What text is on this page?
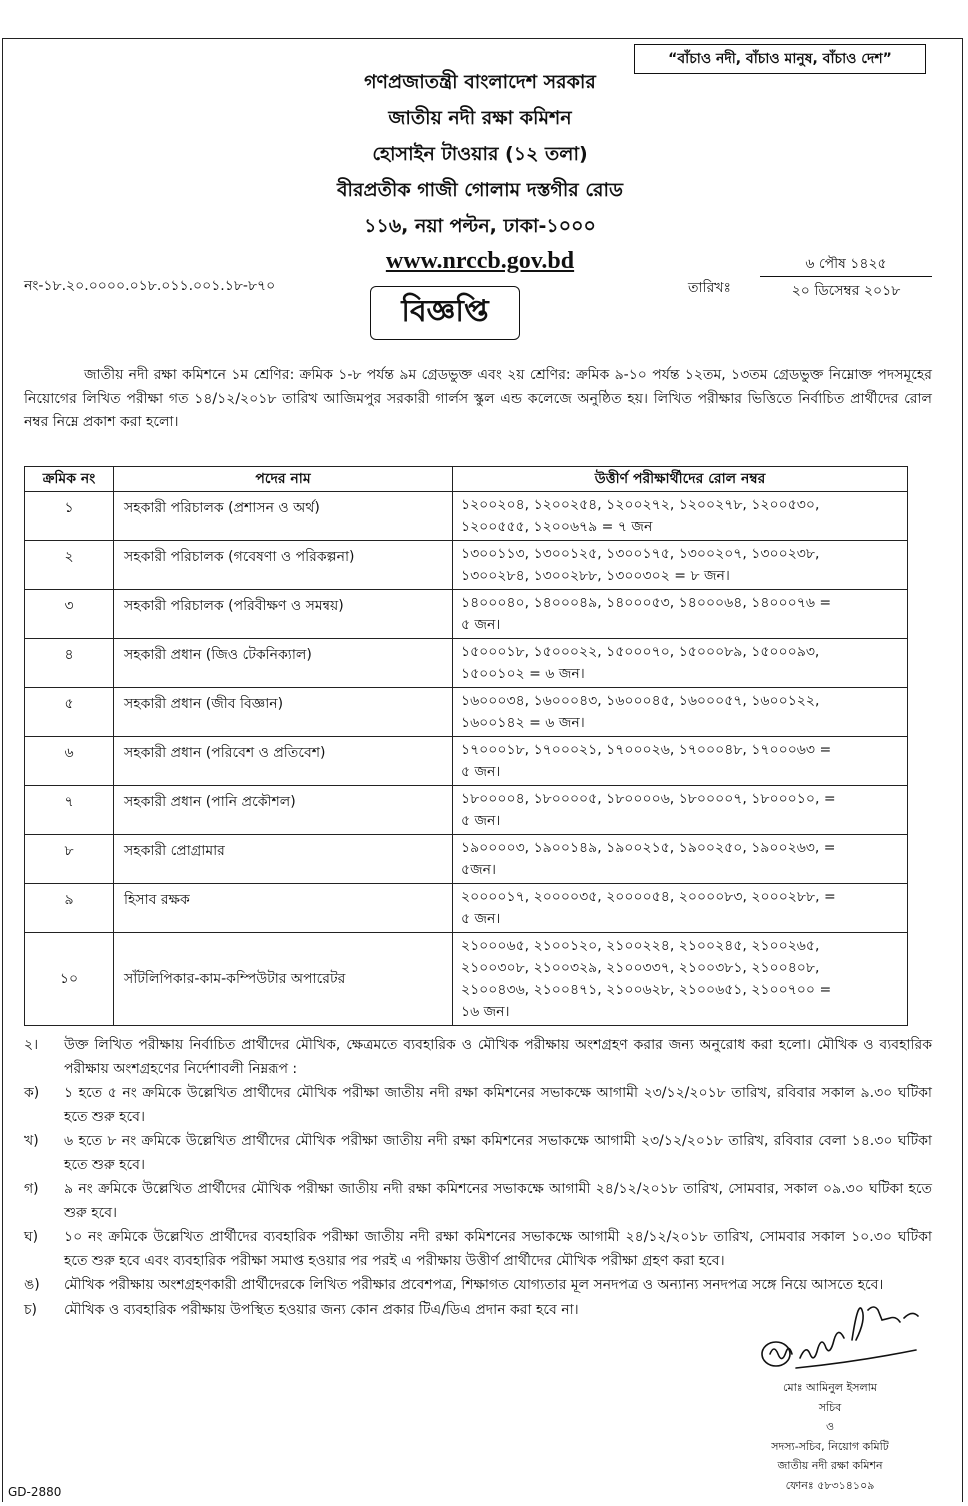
“বাঁচাও নদী, বাঁচাও মানুষ, বাঁচাও দেশ”
গণপ্রজাতন্ত্রী বাংলাদেশ সরকার
জাতীয় নদী রক্ষা কমিশন
হোসাইন টাওয়ার (১২ তলা)
বীরপ্রতীক গাজী গোলাম দস্তগীর রোড
১১৬, নয়া পল্টন, ঢাকা-১০০০
www.nrccb.gov.bd
নং-১৮.২০.০০০০.০১৮.০১১.০০১.১৮-৮৭০	তারিখঃ
৬ পৌষ ১৪২৫
২০ ডিসেম্বর ২০১৮
বিজ্ঞপ্তি

জাতীয় নদী রক্ষা কমিশনে ১ম শ্রেণির: ক্রমিক ১-৮ পর্যন্ত ৯ম গ্রেডভুক্ত এবং ২য় শ্রেণির: ক্রমিক ৯-১০ পর্যন্ত ১২তম, ১৩তম গ্রেডভুক্ত নিম্নোক্ত পদসমূহের নিয়োগের লিখিত পরীক্ষা গত ১৪/১২/২০১৮ তারিখ আজিমপুর সরকারী গার্লস স্কুল এন্ড কলেজে অনুষ্ঠিত হয়। লিখিত পরীক্ষার ভিত্তিতে নির্বাচিত প্রার্থীদের রোল নম্বর নিম্নে প্রকাশ করা হলো।

ক্রমিক নং	পদের নাম	উত্তীর্ণ পরীক্ষার্থীদের রোল নম্বর
১	সহকারী পরিচালক (প্রশাসন ও অর্থ)	১২০০২০৪, ১২০০২৫৪, ১২০০২৭২, ১২০০২৭৮, ১২০০৫৩০,
১২০০৫৫৫, ১২০০৬৭৯ = ৭ জন

২	সহকারী পরিচালক (গবেষণা ও পরিকল্পনা)	১৩০০১১৩, ১৩০০১২৫, ১৩০০১৭৫, ১৩০০২০৭, ১৩০০২৩৮,
১৩০০২৮৪, ১৩০০২৮৮, ১৩০০৩০২ = ৮ জন।

৩	সহকারী পরিচালক (পরিবীক্ষণ ও সমন্বয়)	১৪০০০৪০, ১৪০০০৪৯, ১৪০০০৫৩, ১৪০০০৬৪, ১৪০০০৭৬ =
৫ জন।

৪	সহকারী প্রধান (জিও টেকনিক্যাল)	১৫০০০১৮, ১৫০০০২২, ১৫০০০৭০, ১৫০০০৮৯, ১৫০০০৯৩,
১৫০০১০২ = ৬ জন।

৫	সহকারী প্রধান (জীব বিজ্ঞান)	১৬০০০৩৪, ১৬০০০৪৩, ১৬০০০৪৫, ১৬০০০৫৭, ১৬০০১২২,
১৬০০১৪২ = ৬ জন।

৬	সহকারী প্রধান (পরিবেশ ও প্রতিবেশ)	১৭০০০১৮, ১৭০০০২১, ১৭০০০২৬, ১৭০০০৪৮, ১৭০০০৬৩ =
৫ জন।

৭	সহকারী প্রধান (পানি প্রকৌশল)	১৮০০০০৪, ১৮০০০০৫, ১৮০০০০৬, ১৮০০০০৭, ১৮০০০১০, =
৫ জন।

৮	সহকারী প্রোগ্রামার	১৯০০০০৩, ১৯০০১৪৯, ১৯০০২১৫, ১৯০০২৫০, ১৯০০২৬৩, =
৫জন।

৯	হিসাব রক্ষক	২০০০০১৭, ২০০০০৩৫, ২০০০০৫৪, ২০০০০৮৩, ২০০০২৮৮, =
৫ জন।

১০	সাঁটলিপিকার-কাম-কম্পিউটার অপারেটর	২১০০০৬৫, ২১০০১২০, ২১০০২২৪, ২১০০২৪৫, ২১০০২৬৫,
২১০০৩০৮, ২১০০৩২৯, ২১০০৩৩৭, ২১০০৩৮১, ২১০০৪০৮,
২১০০৪৩৬, ২১০০৪৭১, ২১০০৬২৮, ২১০০৬৫১, ২১০০৭০০ =
১৬ জন।
২।	উক্ত লিখিত পরীক্ষায় নির্বাচিত প্রার্থীদের মৌখিক, ক্ষেত্রমতে ব্যবহারিক ও মৌখিক পরীক্ষায় অংশগ্রহণ করার জন্য অনুরোধ করা হলো। মৌখিক ও ব্যবহারিক পরীক্ষায় অংশগ্রহণের নির্দেশাবলী নিম্নরূপ :
ক)	১ হতে ৫ নং ক্রমিকে উল্লেখিত প্রার্থীদের মৌখিক পরীক্ষা জাতীয় নদী রক্ষা কমিশনের সভাকক্ষে আগামী ২৩/১২/২০১৮ তারিখ, রবিবার সকাল ৯.৩০ ঘটিকা হতে শুরু হবে।
খ)	৬ হতে ৮ নং ক্রমিকে উল্লেখিত প্রার্থীদের মৌখিক পরীক্ষা জাতীয় নদী রক্ষা কমিশনের সভাকক্ষে আগামী ২৩/১২/২০১৮ তারিখ, রবিবার বেলা ১৪.৩০ ঘটিকা হতে শুরু হবে।
গ)	৯ নং ক্রমিকে উল্লেখিত প্রার্থীদের মৌখিক পরীক্ষা জাতীয় নদী রক্ষা কমিশনের সভাকক্ষে আগামী ২৪/১২/২০১৮ তারিখ, সোমবার, সকাল ০৯.৩০ ঘটিকা হতে শুরু হবে।
ঘ)	১০ নং ক্রমিকে উল্লেখিত প্রার্থীদের ব্যবহারিক পরীক্ষা জাতীয় নদী রক্ষা কমিশনের সভাকক্ষে আগামী ২৪/১২/২০১৮ তারিখ, সোমবার সকাল ১০.৩০ ঘটিকা হতে শুরু হবে এবং ব্যবহারিক পরীক্ষা সমাপ্ত হওয়ার পর পরই এ পরীক্ষায় উত্তীর্ণ প্রার্থীদের মৌখিক পরীক্ষা গ্রহণ করা হবে।
ঙ)	মৌখিক পরীক্ষায় অংশগ্রহণকারী প্রার্থীদেরকে লিখিত পরীক্ষার প্রবেশপত্র, শিক্ষাগত যোগ্যতার মূল সনদপত্র ও অন্যান্য সনদপত্র সঙ্গে নিয়ে আসতে হবে।
চ)	মৌখিক ও ব্যবহারিক পরীক্ষায় উপস্থিত হওয়ার জন্য কোন প্রকার টিএ/ডিএ প্রদান করা হবে না।
মোঃ আমিনুল ইসলাম
সচিব
ও
সদস্য-সচিব, নিয়োগ কমিটি
জাতীয় নদী রক্ষা কমিশন
ফোনঃ ৫৮৩১৪১০৯
GD-2880
